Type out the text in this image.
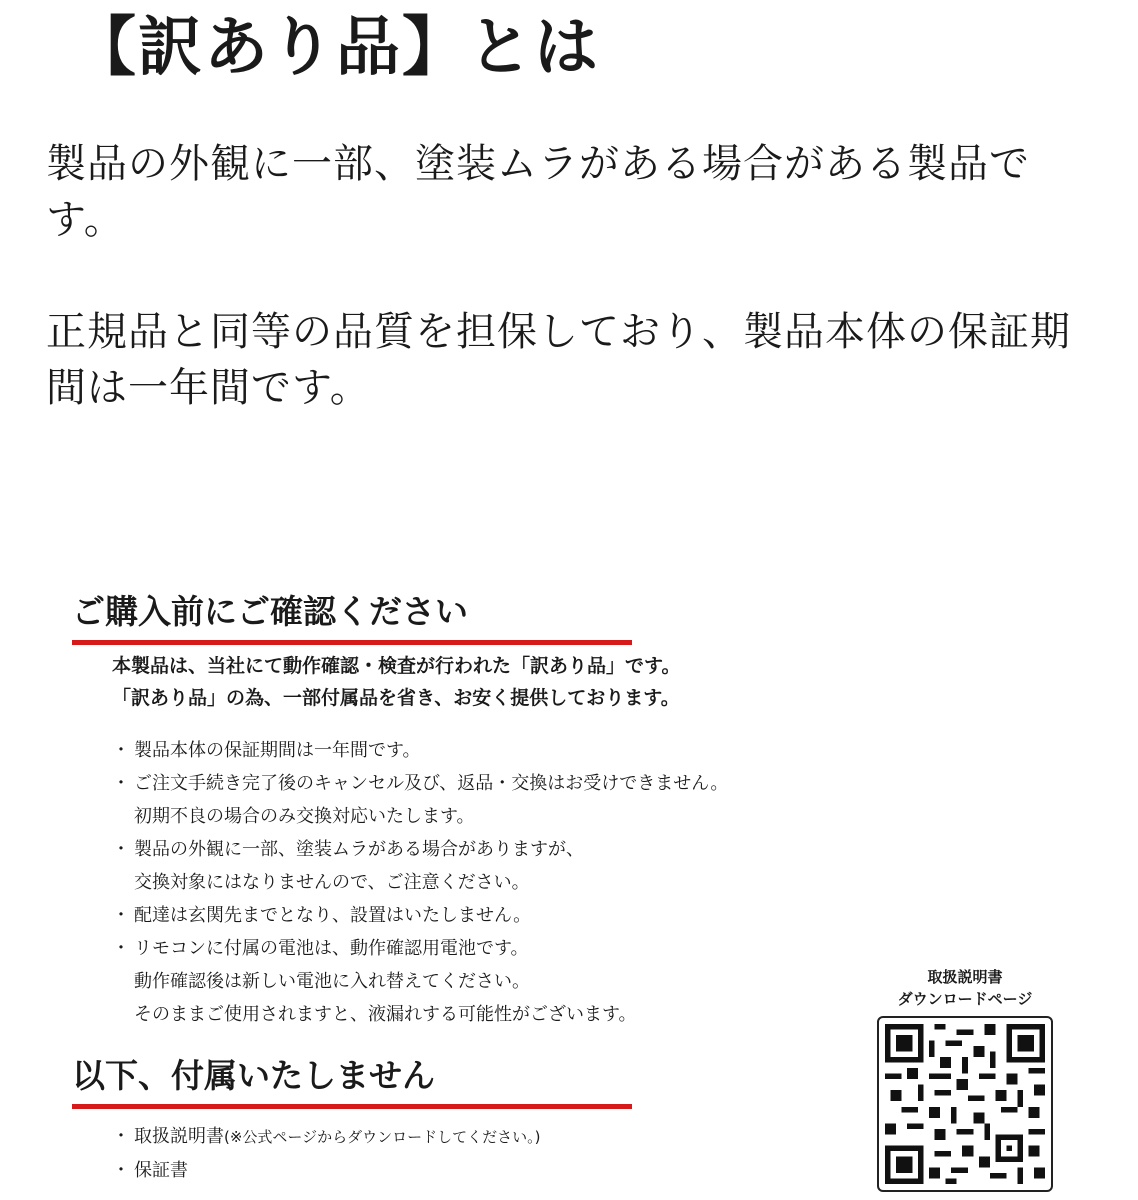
【訳あり品】とは

製品の外観に一部、塗装ムラがある場合がある製品です。

正規品と同等の品質を担保しており、製品本体の保証期間は一年間です。

ご購入前にご確認ください
本製品は、当社にて動作確認・検査が行われた「訳あり品」です。
「訳あり品」の為、一部付属品を省き、お安く提供しております。
・ 製品本体の保証期間は一年間です。
・ ご注文手続き完了後のキャンセル及び、返品・交換はお受けできません。
初期不良の場合のみ交換対応いたします。
・ 製品の外観に一部、塗装ムラがある場合がありますが、
交換対象にはなりませんので、ご注意ください。
・ 配達は玄関先までとなり、設置はいたしません。
・ リモコンに付属の電池は、動作確認用電池です。
動作確認後は新しい電池に入れ替えてください。
そのままご使用されますと、液漏れする可能性がございます。
以下、付属いたしません
・ 取扱説明書(※公式ページからダウンロードしてください。)
・ 保証書
取扱説明書
ダウンロードページ
